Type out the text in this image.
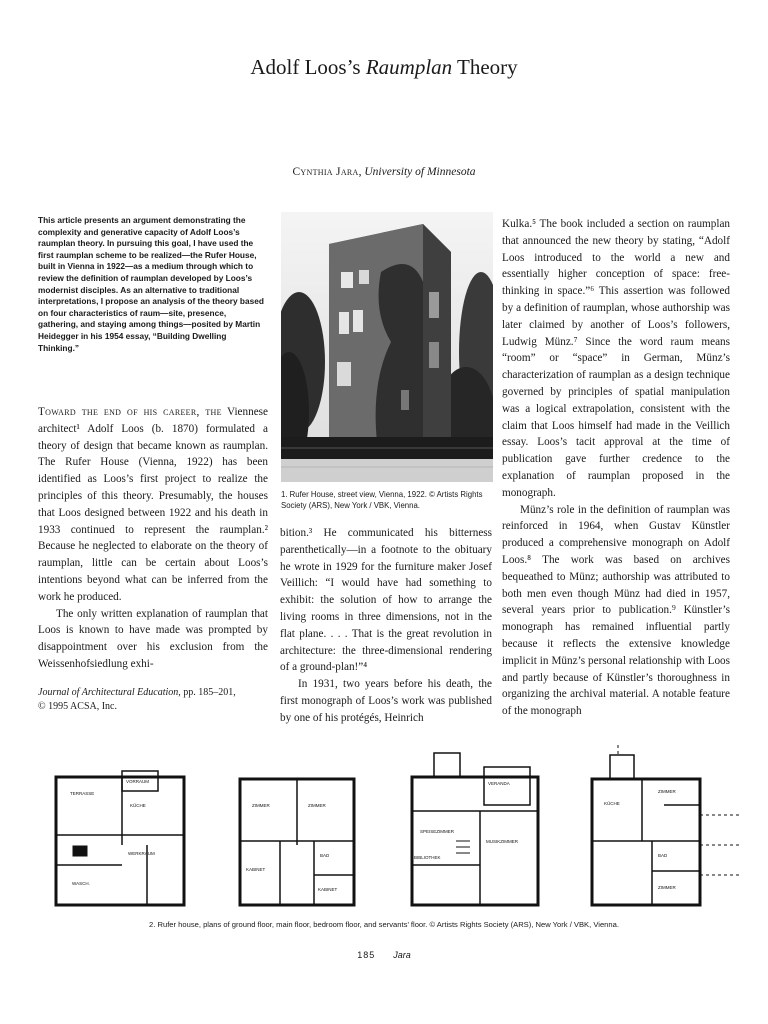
Adolf Loos’s Raumplan Theory
Cynthia Jara, University of Minnesota
This article presents an argument demonstrating the complexity and generative capacity of Adolf Loos’s raumplan theory. In pursuing this goal, I have used the first raumplan scheme to be realized—the Rufer House, built in Vienna in 1922—as a medium through which to review the definition of raumplan developed by Loos’s modernist disciples. As an alternative to traditional interpretations, I propose an analysis of the theory based on four characteristics of raum—site, presence, gathering, and staying among things—posited by Martin Heidegger in his 1954 essay, “Building Dwelling Thinking.”

Toward the end of his career, the Viennese architect¹ Adolf Loos (b. 1870) formulated a theory of design that became known as raumplan. The Rufer House (Vienna, 1922) has been identified as Loos’s first project to realize the principles of this theory. Presumably, the houses that Loos designed between 1922 and his death in 1933 continued to represent the raumplan.² Because he neglected to elaborate on the theory of raumplan, little can be certain about Loos’s intentions beyond what can be inferred from the work he produced.

The only written explanation of raumplan that Loos is known to have made was prompted by disappointment over his exclusion from the Weissenhofsiedlung exhi-

Journal of Architectural Education, pp. 185–201,
© 1995 ACSA, Inc.
1. Rufer House, street view, Vienna, 1922. © Artists Rights Society (ARS), New York / VBK, Vienna.

bition.³ He communicated his bitterness parenthetically—in a footnote to the obituary he wrote in 1929 for the furniture maker Josef Veillich: “I would have had something to exhibit: the solution of how to arrange the living rooms in three dimensions, not in the flat plane. . . . That is the great revolution in architecture: the three-dimensional rendering of a ground-plan!”⁴

In 1931, two years before his death, the first monograph of Loos’s work was published by one of his protégés, Heinrich

Kulka.⁵ The book included a section on raumplan that announced the new theory by stating, “Adolf Loos introduced to the world a new and essentially higher conception of space: free-thinking in space.”⁶ This assertion was followed by a definition of raumplan, whose authorship was later claimed by another of Loos’s followers, Ludwig Münz.⁷ Since the word raum means “room” or “space” in German, Münz’s characterization of raumplan as a design technique governed by principles of spatial manipulation was a logical extrapolation, consistent with the claim that Loos himself had made in the Veillich essay. Loos’s tacit approval at the time of publication gave further credence to the explanation of raumplan proposed in the monograph.

Münz’s role in the definition of raumplan was reinforced in 1964, when Gustav Künstler produced a comprehensive monograph on Adolf Loos.⁸ The work was based on archives bequeathed to Münz; authorship was attributed to both men even though Münz had died in 1957, several years prior to publication.⁹ Künstler’s monograph has remained influential partly because it reflects the extensive knowledge implicit in Münz’s personal relationship with Loos and partly because of Künstler’s thoroughness in organizing the archival material. A notable feature of the monograph

TERRASSE
VORRAUM
KÜCHE
WERKRAUM
WASCH.
ZIMMER	ZIMMER
KABINET
BAD
KABINET
VERANDA
SPEISEZIMMER
MUSIKZIMMER
BIBLIOTHEK
KÜCHE
ZIMMER
BAD
ZIMMER
2. Rufer house, plans of ground floor, main floor, bedroom floor, and servants’ floor. © Artists Rights Society (ARS), New York / VBK, Vienna.
185 Jara
